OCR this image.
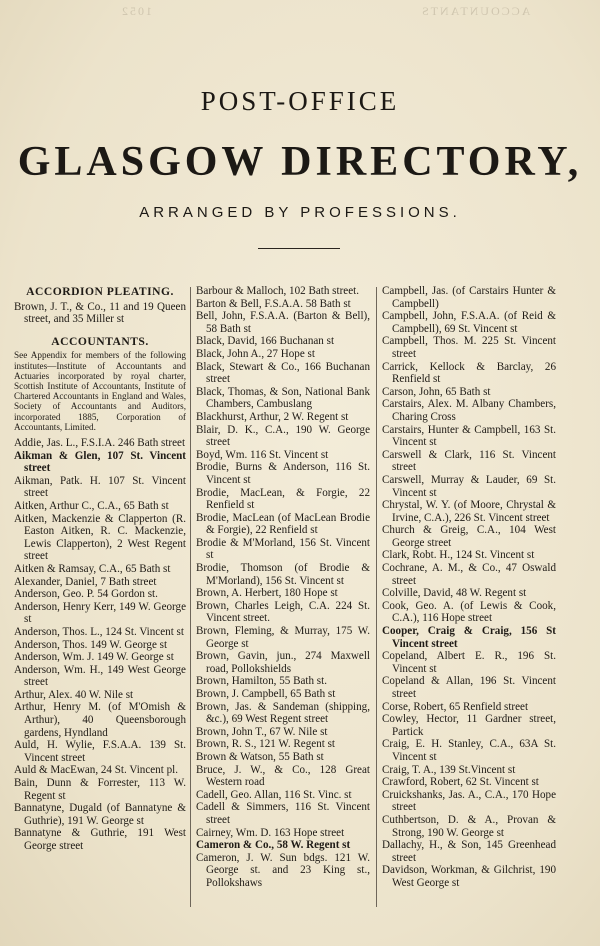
1052	ACCOUNTANTS
POST-OFFICE
GLASGOW DIRECTORY,
ARRANGED BY PROFESSIONS.
ACCORDION PLEATING.

Brown, J. T., & Co., 11 and 19 Queen street, and 35 Miller st

ACCOUNTANTS.

See Appendix for members of the following institutes—Institute of Accountants and Actuaries incorporated by royal charter, Scottish Institute of Accountants, Institute of Chartered Accountants in England and Wales, Society of Accountants and Auditors, incorporated 1885, Corporation of Accountants, Limited.

Addie, Jas. L., F.S.I.A. 246 Bath street

Aikman & Glen, 107 St. Vincent street

Aikman, Patk. H. 107 St. Vincent street

Aitken, Arthur C., C.A., 65 Bath st

Aitken, Mackenzie & Clapperton (R. Easton Aitken, R. C. Mackenzie, Lewis Clapperton), 2 West Regent street

Aitken & Ramsay, C.A., 65 Bath st

Alexander, Daniel, 7 Bath street

Anderson, Geo. P. 54 Gordon st.

Anderson, Henry Kerr, 149 W. George st

Anderson, Thos. L., 124 St. Vincent st

Anderson, Thos. 149 W. George st

Anderson, Wm. J. 149 W. George st

Anderson, Wm. H., 149 West George street

Arthur, Alex. 40 W. Nile st

Arthur, Henry M. (of M'Omish & Arthur), 40 Queensborough gardens, Hyndland

Auld, H. Wylie, F.S.A.A. 139 St. Vincent street

Auld & MacEwan, 24 St. Vincent pl.

Bain, Dunn & Forrester, 113 W. Regent st

Bannatyne, Dugald (of Bannatyne & Guthrie), 191 W. George st

Bannatyne & Guthrie, 191 West George street

Barbour & Malloch, 102 Bath street.

Barton & Bell, F.S.A.A. 58 Bath st

Bell, John, F.S.A.A. (Barton & Bell), 58 Bath st

Black, David, 166 Buchanan st

Black, John A., 27 Hope st

Black, Stewart & Co., 166 Buchanan street

Black, Thomas, & Son, National Bank Chambers, Cambuslang

Blackhurst, Arthur, 2 W. Regent st

Blair, D. K., C.A., 190 W. George street

Boyd, Wm. 116 St. Vincent st

Brodie, Burns & Anderson, 116 St. Vincent st

Brodie, MacLean, & Forgie, 22 Renfield st

Brodie, MacLean (of MacLean Brodie & Forgie), 22 Renfield st

Brodie & M'Morland, 156 St. Vincent st

Brodie, Thomson (of Brodie & M'Morland), 156 St. Vincent st

Brown, A. Herbert, 180 Hope st

Brown, Charles Leigh, C.A. 224 St. Vincent street.

Brown, Fleming, & Murray, 175 W. George st

Brown, Gavin, jun., 274 Maxwell road, Pollokshields

Brown, Hamilton, 55 Bath st.

Brown, J. Campbell, 65 Bath st

Brown, Jas. & Sandeman (shipping, &c.), 69 West Regent street

Brown, John T., 67 W. Nile st

Brown, R. S., 121 W. Regent st

Brown & Watson, 55 Bath st

Bruce, J. W., & Co., 128 Great Western road

Cadell, Geo. Allan, 116 St. Vinc. st

Cadell & Simmers, 116 St. Vincent street

Cairney, Wm. D. 163 Hope street

Cameron & Co., 58 W. Regent st

Cameron, J. W. Sun bdgs. 121 W. George st. and 23 King st., Pollokshaws

Campbell, Jas. (of Carstairs Hunter & Campbell)

Campbell, John, F.S.A.A. (of Reid & Campbell), 69 St. Vincent st

Campbell, Thos. M. 225 St. Vincent street

Carrick, Kellock & Barclay, 26 Renfield st

Carson, John, 65 Bath st

Carstairs, Alex. M. Albany Chambers, Charing Cross

Carstairs, Hunter & Campbell, 163 St. Vincent st

Carswell & Clark, 116 St. Vincent street

Carswell, Murray & Lauder, 69 St. Vincent st

Chrystal, W. Y. (of Moore, Chrystal & Irvine, C.A.), 226 St. Vincent street

Church & Greig, C.A., 104 West George street

Clark, Robt. H., 124 St. Vincent st

Cochrane, A. M., & Co., 47 Oswald street

Colville, David, 48 W. Regent st

Cook, Geo. A. (of Lewis & Cook, C.A.), 116 Hope street

Cooper, Craig & Craig, 156 St Vincent street

Copeland, Albert E. R., 196 St. Vincent st

Copeland & Allan, 196 St. Vincent street

Corse, Robert, 65 Renfield street

Cowley, Hector, 11 Gardner street, Partick

Craig, E. H. Stanley, C.A., 63A St. Vincent st

Craig, T. A., 139 St.Vincent st

Crawford, Robert, 62 St. Vincent st

Cruickshanks, Jas. A., C.A., 170 Hope street

Cuthbertson, D. & A., Provan & Strong, 190 W. George st

Dallachy, H., & Son, 145 Greenhead street

Davidson, Workman, & Gilchrist, 190 West George st
